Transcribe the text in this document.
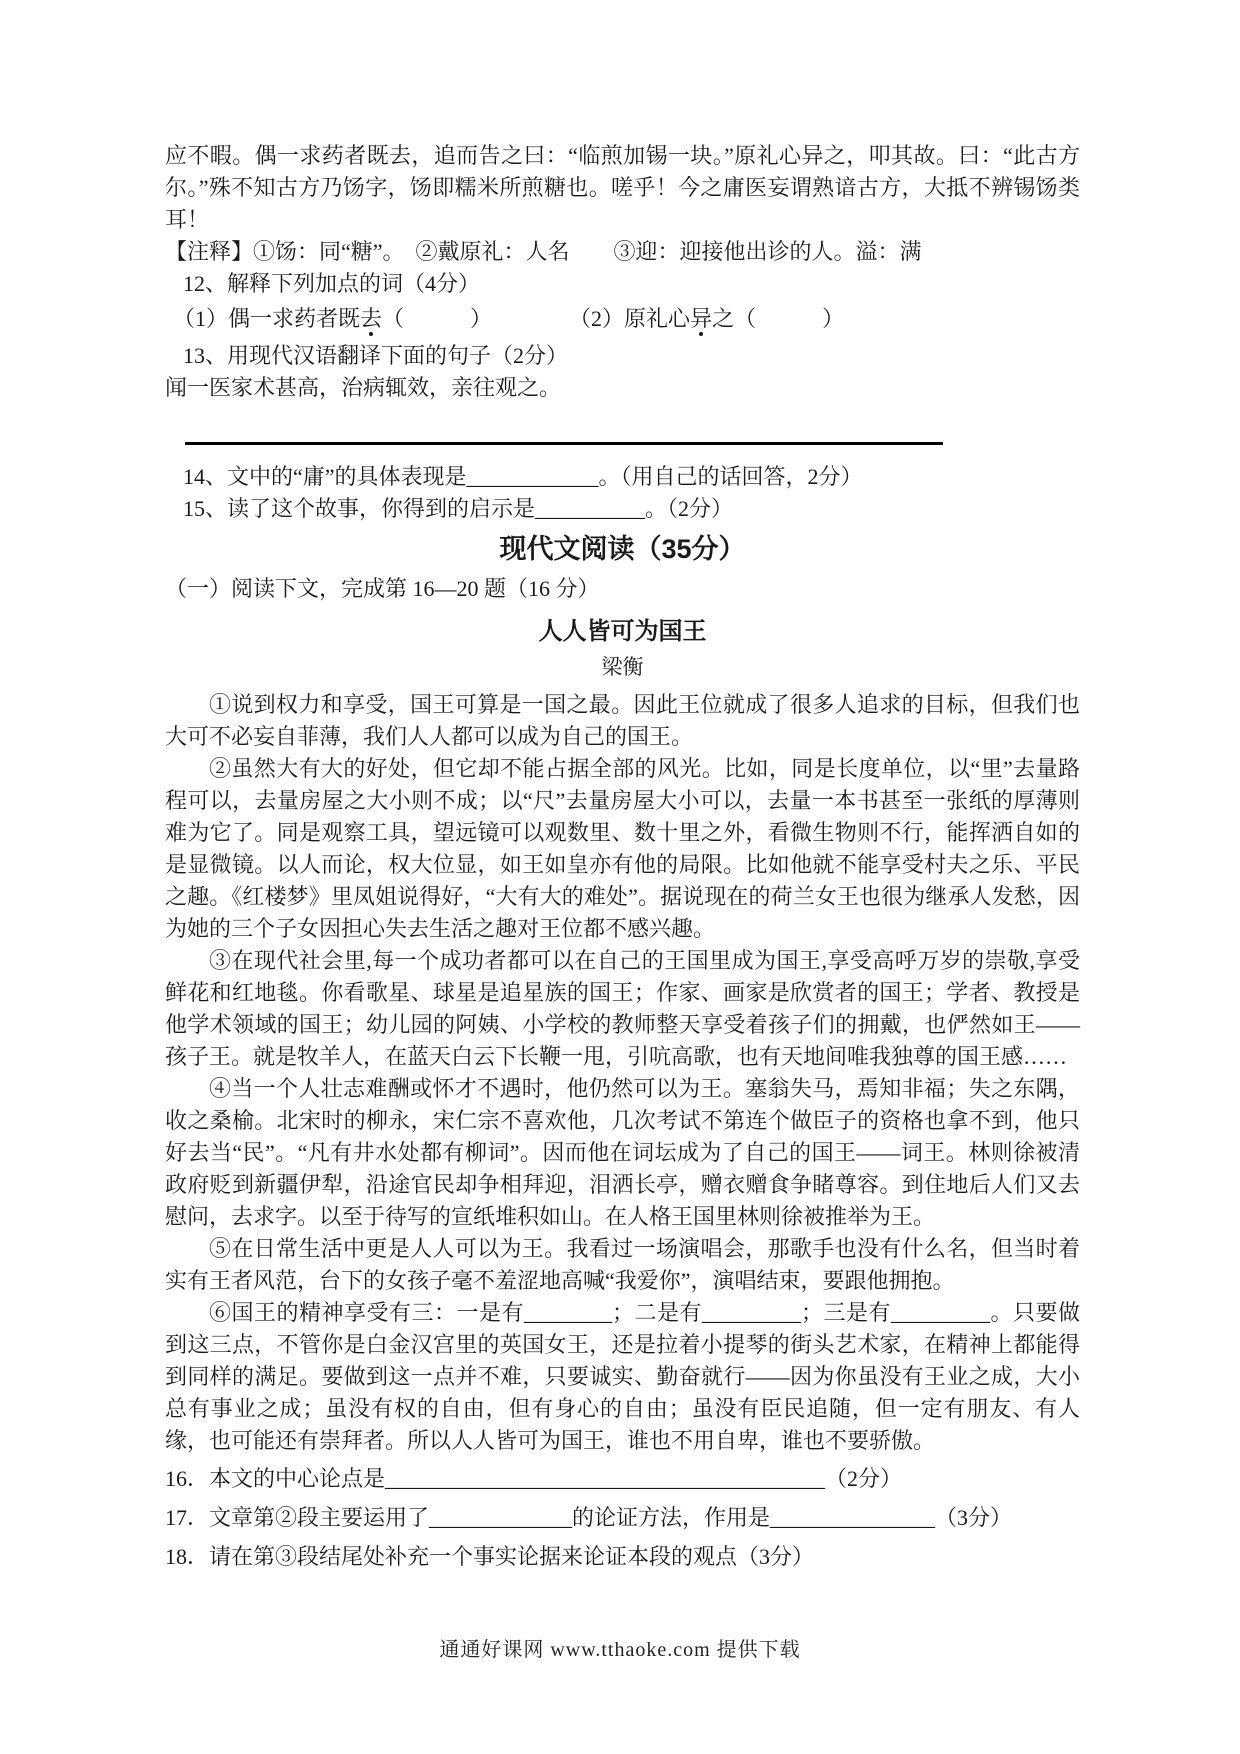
应不暇。偶一求药者既去，追而告之曰：“临煎加锡一块。”原礼心异之，叩其故。曰：“此古方尔。”殊不知古方乃饧字，饧即糯米所煎糖也。嗟乎！今之庸医妄谓熟谙古方，大抵不辨锡饧类耳！

【注释】①饧：同“糖”。　②戴原礼：人名　　③迎：迎接他出诊的人。溢：满

12、解释下列加点的词（4分）

（1）偶一求药者既去（　　　）	（2）原礼心异之（　　　）

13、用现代汉语翻译下面的句子（2分）

闻一医家术甚高，治病辄效，亲往观之。

14、文中的“庸”的具体表现是____________。（用自己的话回答，2分）

15、读了这个故事，你得到的启示是__________。（2分）

现代文阅读（35分）

（一）阅读下文，完成第 16—20 题（16 分）

人人皆可为国王

梁衡

①说到权力和享受，国王可算是一国之最。因此王位就成了很多人追求的目标，但我们也大可不必妄自菲薄，我们人人都可以成为自己的国王。

②虽然大有大的好处，但它却不能占据全部的风光。比如，同是长度单位，以“里”去量路程可以，去量房屋之大小则不成；以“尺”去量房屋大小可以，去量一本书甚至一张纸的厚薄则难为它了。同是观察工具，望远镜可以观数里、数十里之外，看微生物则不行，能挥洒自如的是显微镜。以人而论，权大位显，如王如皇亦有他的局限。比如他就不能享受村夫之乐、平民之趣。《红楼梦》里凤姐说得好，“大有大的难处”。据说现在的荷兰女王也很为继承人发愁，因为她的三个子女因担心失去生活之趣对王位都不感兴趣。

③在现代社会里,每一个成功者都可以在自己的王国里成为国王,享受高呼万岁的崇敬,享受鲜花和红地毯。你看歌星、球星是追星族的国王；作家、画家是欣赏者的国王；学者、教授是他学术领域的国王；幼儿园的阿姨、小学校的教师整天享受着孩子们的拥戴，也俨然如王——孩子王。就是牧羊人，在蓝天白云下长鞭一甩，引吭高歌，也有天地间唯我独尊的国王感……

④当一个人壮志难酬或怀才不遇时，他仍然可以为王。塞翁失马，焉知非福；失之东隅，收之桑榆。北宋时的柳永，宋仁宗不喜欢他，几次考试不第连个做臣子的资格也拿不到，他只好去当“民”。“凡有井水处都有柳词”。因而他在词坛成为了自己的国王——词王。林则徐被清政府贬到新疆伊犁，沿途官民却争相拜迎，泪洒长亭，赠衣赠食争睹尊容。到住地后人们又去慰问，去求字。以至于待写的宣纸堆积如山。在人格王国里林则徐被推举为王。

⑤在日常生活中更是人人可以为王。我看过一场演唱会，那歌手也没有什么名，但当时着实有王者风范，台下的女孩子毫不羞涩地高喊“我爱你”，演唱结束，要跟他拥抱。

⑥国王的精神享受有三：一是有________；二是有_________；三是有_________。只要做到这三点，不管你是白金汉宫里的英国女王，还是拉着小提琴的街头艺术家，在精神上都能得到同样的满足。要做到这一点并不难，只要诚实、勤奋就行——因为你虽没有王业之成，大小总有事业之成；虽没有权的自由，但有身心的自由；虽没有臣民追随，但一定有朋友、有人缘，也可能还有崇拜者。所以人人皆可为国王，谁也不用自卑，谁也不要骄傲。

16．本文的中心论点是________________________________________（2分）

17．文章第②段主要运用了_____________的论证方法，作用是_______________（3分）

18．请在第③段结尾处补充一个事实论据来论证本段的观点（3分）

通通好课网 www.tthaoke.com 提供下载
